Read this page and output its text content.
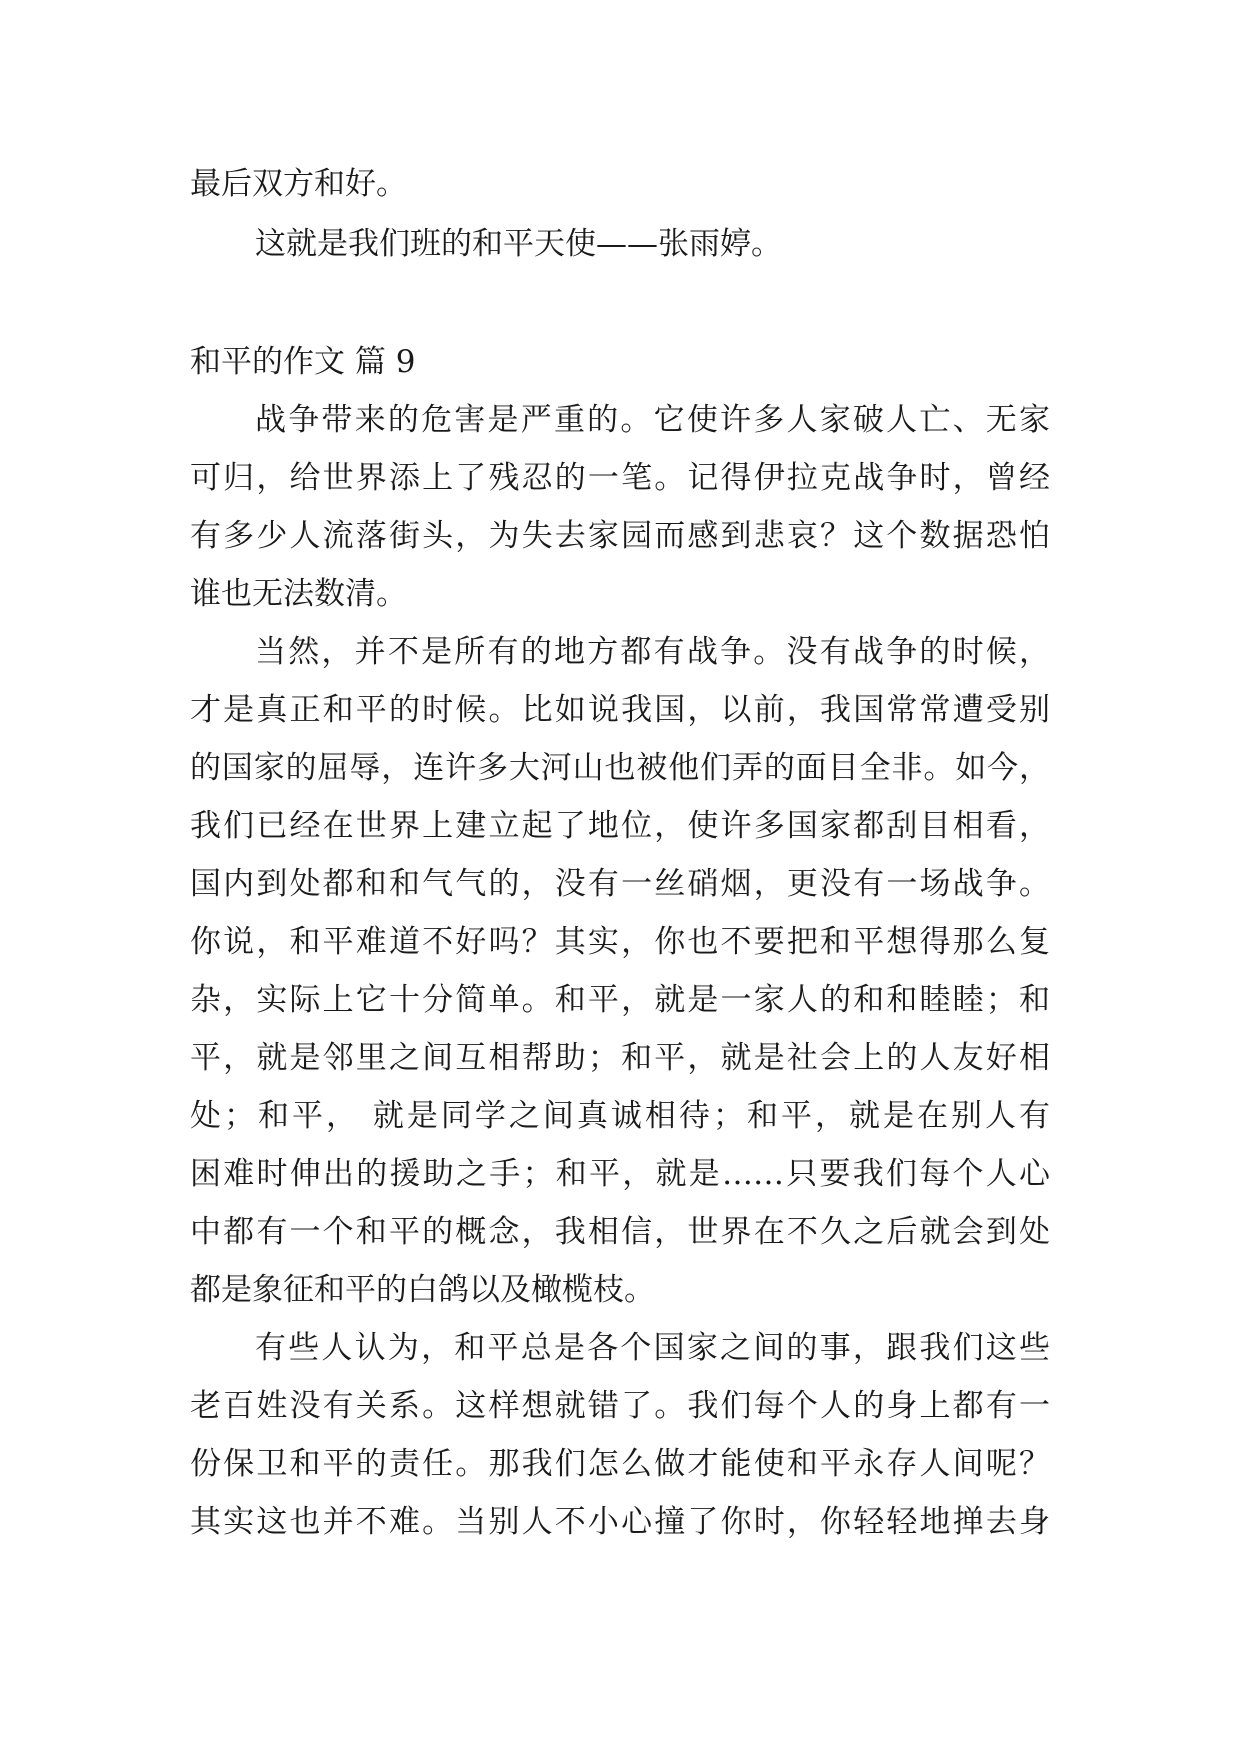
最后双方和好。

这就是我们班的和平天使——张雨婷。

和平的作文 篇 9

战争带来的危害是严重的。它使许多人家破人亡、无家

可归，给世界添上了残忍的一笔。记得伊拉克战争时，曾经

有多少人流落街头，为失去家园而感到悲哀？这个数据恐怕

谁也无法数清。

当然，并不是所有的地方都有战争。没有战争的时候，

才是真正和平的时候。比如说我国，以前，我国常常遭受别

的国家的屈辱，连许多大河山也被他们弄的面目全非。如今，

我们已经在世界上建立起了地位，使许多国家都刮目相看，

国内到处都和和气气的，没有一丝硝烟，更没有一场战争。

你说，和平难道不好吗？其实，你也不要把和平想得那么复

杂，实际上它十分简单。和平，就是一家人的和和睦睦；和

平，就是邻里之间互相帮助；和平，就是社会上的人友好相

处；和平， 就是同学之间真诚相待；和平，就是在别人有

困难时伸出的援助之手；和平，就是……只要我们每个人心

中都有一个和平的概念，我相信，世界在不久之后就会到处

都是象征和平的白鸽以及橄榄枝。

有些人认为，和平总是各个国家之间的事，跟我们这些

老百姓没有关系。这样想就错了。我们每个人的身上都有一

份保卫和平的责任。那我们怎么做才能使和平永存人间呢？

其实这也并不难。当别人不小心撞了你时，你轻轻地掸去身
